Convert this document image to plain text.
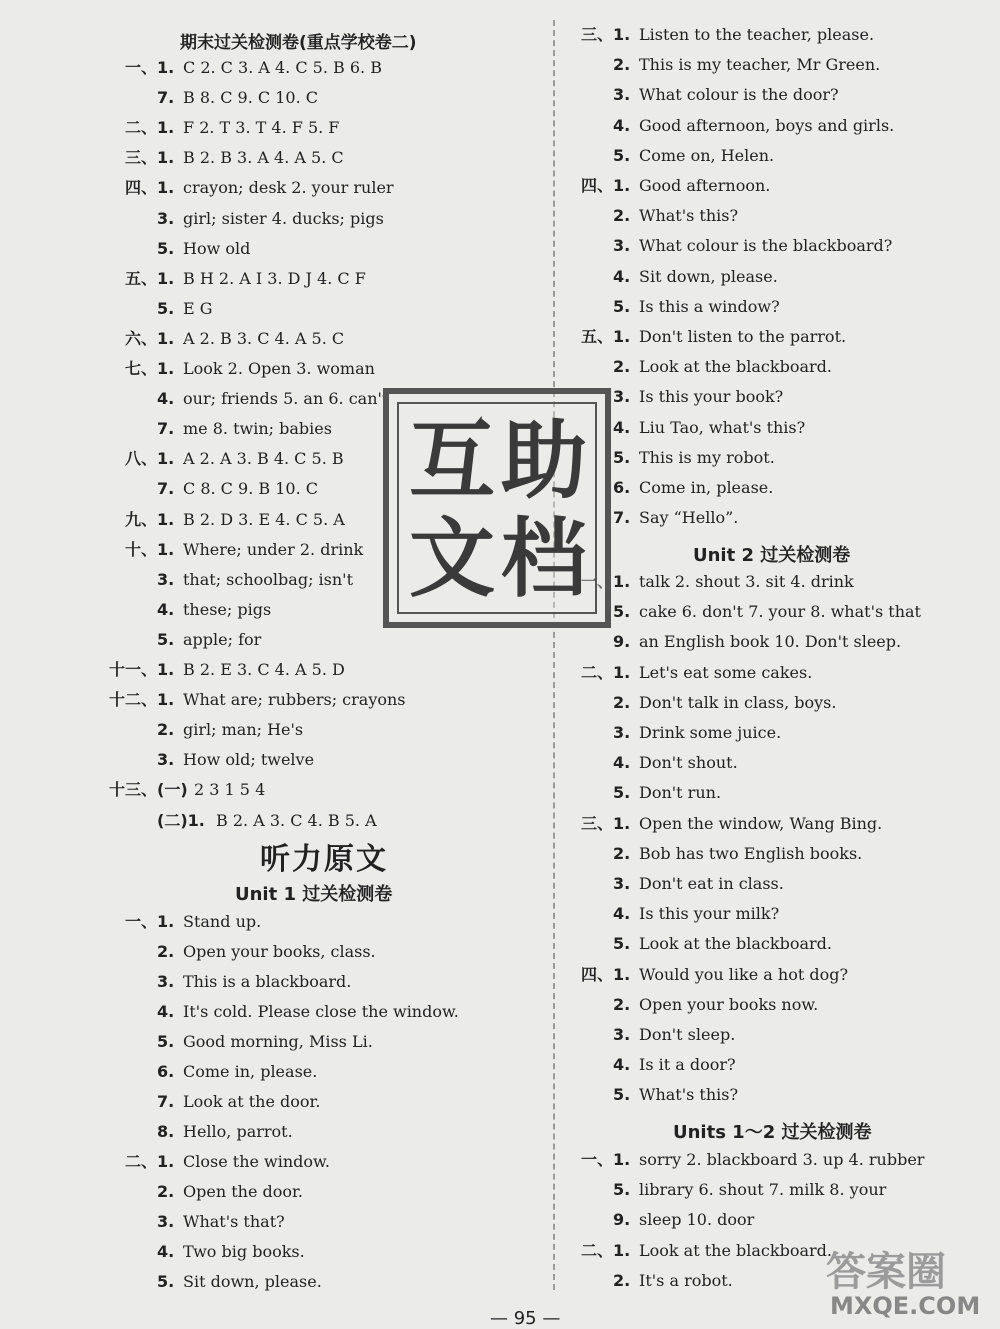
期末过关检测卷(重点学校卷二)
一、 1. C 2. C 3. A 4. C 5. B 6. B
7. B 8. C 9. C 10. C
二、 1. F 2. T 3. T 4. F 5. F
三、 1. B 2. B 3. A 4. A 5. C
四、 1. crayon; desk 2. your ruler
3. girl; sister 4. ducks; pigs
5. How old
五、 1. B H 2. A I 3. D J 4. C F
5. E G
六、 1. A 2. B 3. C 4. A 5. C
七、 1. Look 2. Open 3. woman
4. our; friends 5. an 6. can't
7. me 8. twin; babies
八、 1. A 2. A 3. B 4. C 5. B
7. C 8. C 9. B 10. C
九、 1. B 2. D 3. E 4. C 5. A
十、 1. Where; under 2. drink
3. that; schoolbag; isn't
4. these; pigs
5. apple; for
十一、 1. B 2. E 3. C 4. A 5. D
十二、 1. What are; rubbers; crayons
2. girl; man; He's
3. How old; twelve
十三、 (一) 2 3 1 5 4
(二)1. B 2. A 3. C 4. B 5. A
听力原文
Unit 1 过关检测卷
一、 1. Stand up.
2. Open your books, class.
3. This is a blackboard.
4. It's cold. Please close the window.
5. Good morning, Miss Li.
6. Come in, please.
7. Look at the door.
8. Hello, parrot.
二、 1. Close the window.
2. Open the door.
3. What's that?
4. Two big books.
5. Sit down, please.
三、 1. Listen to the teacher, please.
2. This is my teacher, Mr Green.
3. What colour is the door?
4. Good afternoon, boys and girls.
5. Come on, Helen.
四、 1. Good afternoon.
2. What's this?
3. What colour is the blackboard?
4. Sit down, please.
5. Is this a window?
五、 1. Don't listen to the parrot.
2. Look at the blackboard.
3. Is this your book?
4. Liu Tao, what's this?
5. This is my robot.
6. Come in, please.
7. Say “Hello”.
Unit 2 过关检测卷
一、 1. talk 2. shout 3. sit 4. drink
5. cake 6. don't 7. your 8. what's that
9. an English book 10. Don't sleep.
二、 1. Let's eat some cakes.
2. Don't talk in class, boys.
3. Drink some juice.
4. Don't shout.
5. Don't run.
三、 1. Open the window, Wang Bing.
2. Bob has two English books.
3. Don't eat in class.
4. Is this your milk?
5. Look at the blackboard.
四、 1. Would you like a hot dog?
2. Open your books now.
3. Don't sleep.
4. Is it a door?
5. What's this?
Units 1～2 过关检测卷
一、 1. sorry 2. blackboard 3. up 4. rubber
5. library 6. shout 7. milk 8. your
9. sleep 10. door
二、 1. Look at the blackboard.
2. It's a robot.
互 助
文 档
答案圈
MXQE.COM
— 95 —
